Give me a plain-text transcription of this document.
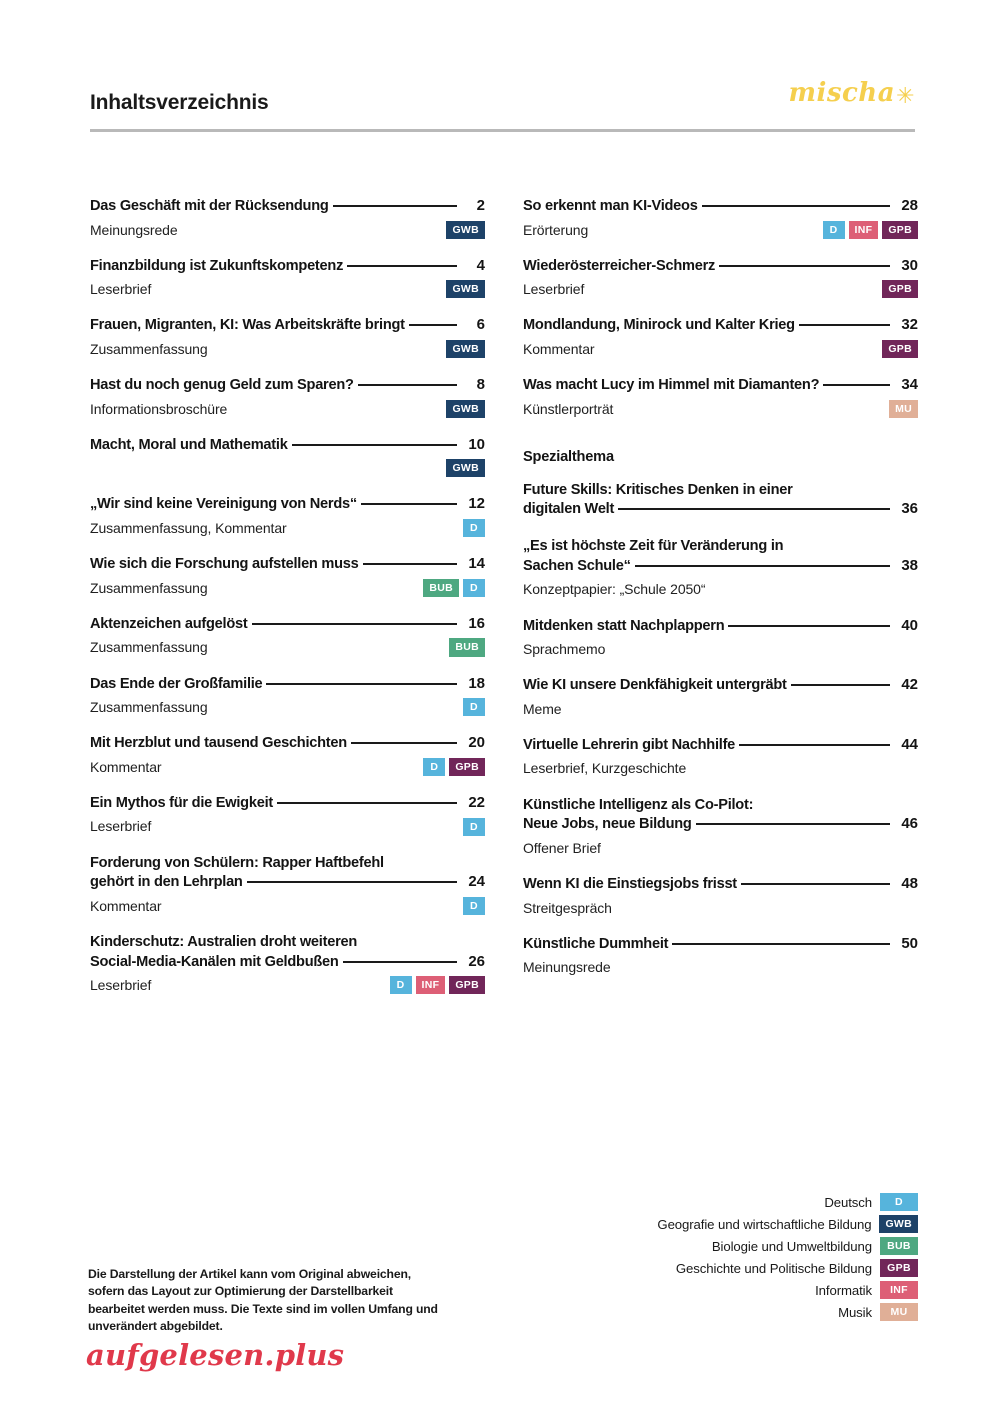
Inhaltsverzeichnis	mischa✳
Das Geschäft mit der Rücksendung	2
Meinungsrede	GWB
Finanzbildung ist Zukunftskompetenz	4
Leserbrief	GWB
Frauen, Migranten, KI: Was Arbeitskräfte bringt	6
Zusammenfassung	GWB
Hast du noch genug Geld zum Sparen?	8
Informationsbroschüre	GWB
Macht, Moral und Mathematik	10
GWB
„Wir sind keine Vereinigung von Nerds“	12
Zusammenfassung, Kommentar	D
Wie sich die Forschung aufstellen muss	14
Zusammenfassung	BUB	D
Aktenzeichen aufgelöst	16
Zusammenfassung	BUB
Das Ende der Großfamilie	18
Zusammenfassung	D
Mit Herzblut und tausend Geschichten	20
Kommentar	D	GPB
Ein Mythos für die Ewigkeit	22
Leserbrief	D
Forderung von Schülern: Rapper Haftbefehl
gehört in den Lehrplan	24
Kommentar	D
Kinderschutz: Australien droht weiteren
Social-Media-Kanälen mit Geldbußen	26
Leserbrief	D	INF	GPB
So erkennt man KI-Videos	28
Erörterung	D	INF	GPB
Wiederösterreicher-Schmerz	30
Leserbrief	GPB
Mondlandung, Minirock und Kalter Krieg	32
Kommentar	GPB
Was macht Lucy im Himmel mit Diamanten?	34
Künstlerporträt	MU
Spezialthema
Future Skills: Kritisches Denken in einer
digitalen Welt	36
„Es ist höchste Zeit für Veränderung in
Sachen Schule“	38
Konzeptpapier: „Schule 2050“
Mitdenken statt Nachplappern	40
Sprachmemo
Wie KI unsere Denkfähigkeit untergräbt	42
Meme
Virtuelle Lehrerin gibt Nachhilfe	44
Leserbrief, Kurzgeschichte
Künstliche Intelligenz als Co-Pilot:
Neue Jobs, neue Bildung	46
Offener Brief
Wenn KI die Einstiegsjobs frisst	48
Streitgespräch
Künstliche Dummheit	50
Meinungsrede
Deutsch	D
Geografie und wirtschaftliche Bildung	GWB
Biologie und Umweltbildung	BUB
Geschichte und Politische Bildung	GPB
Informatik	INF
Musik	MU
Die Darstellung der Artikel kann vom Original abweichen, sofern das Layout zur Optimierung der Darstellbarkeit bearbeitet werden muss. Die Texte sind im vollen Umfang und unverändert abgebildet.
aufgelesen.plus
